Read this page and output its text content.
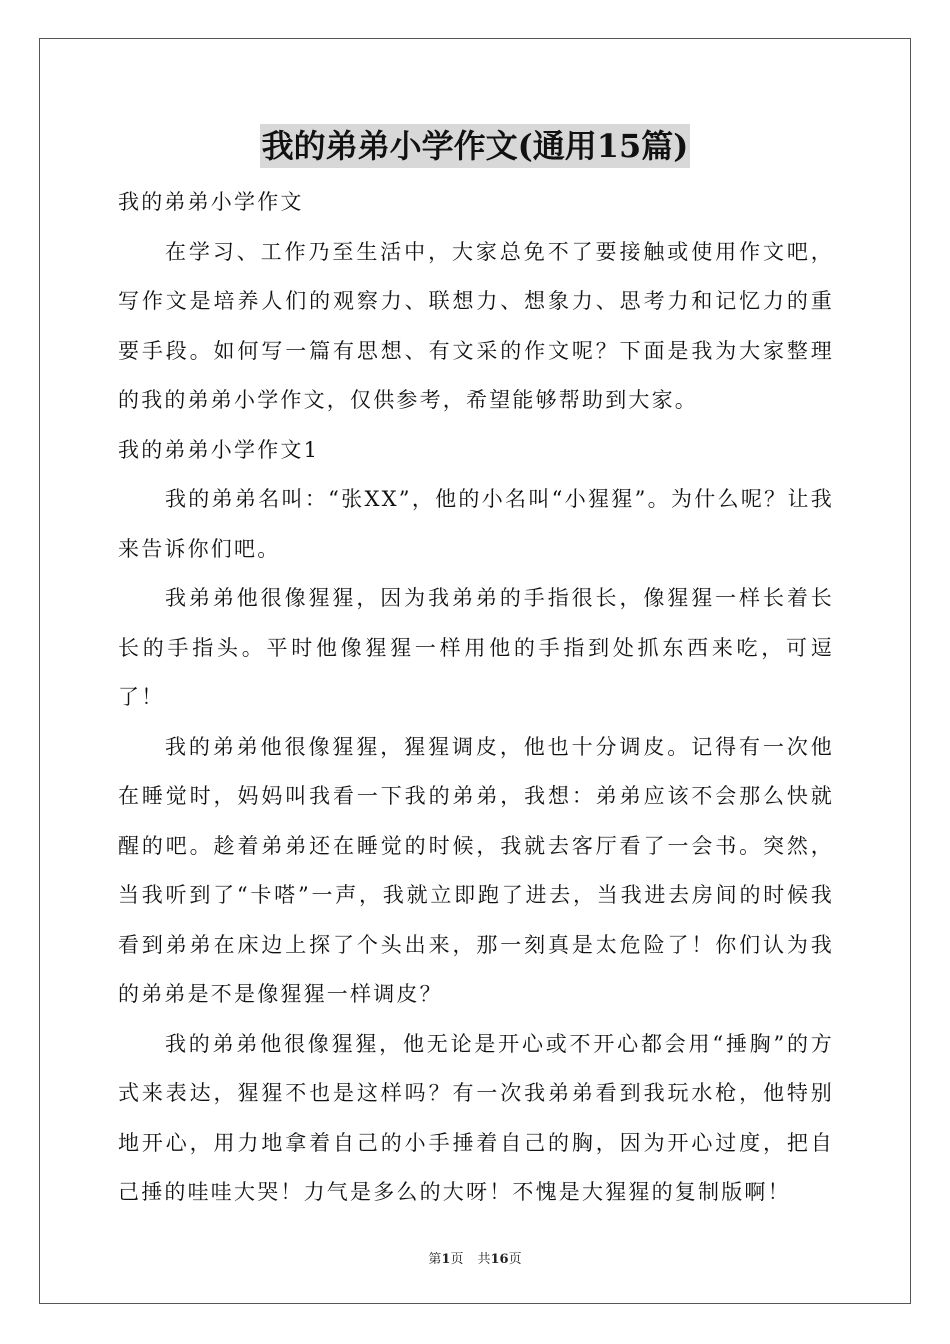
我的弟弟小学作文(通用15篇)

我的弟弟小学作文

在学习、工作乃至生活中，大家总免不了要接触或使用作文吧，写作文是培养人们的观察力、联想力、想象力、思考力和记忆力的重要手段。如何写一篇有思想、有文采的作文呢？下面是我为大家整理的我的弟弟小学作文，仅供参考，希望能够帮助到大家。

我的弟弟小学作文1

我的弟弟名叫：“张XX”，他的小名叫“小猩猩”。为什么呢？让我来告诉你们吧。

我弟弟他很像猩猩，因为我弟弟的手指很长，像猩猩一样长着长长的手指头。平时他像猩猩一样用他的手指到处抓东西来吃，可逗了！

我的弟弟他很像猩猩，猩猩调皮，他也十分调皮。记得有一次他在睡觉时，妈妈叫我看一下我的弟弟，我想：弟弟应该不会那么快就醒的吧。趁着弟弟还在睡觉的时候，我就去客厅看了一会书。突然，当我听到了“卡嗒”一声，我就立即跑了进去，当我进去房间的时候我看到弟弟在床边上探了个头出来，那一刻真是太危险了！你们认为我的弟弟是不是像猩猩一样调皮？

我的弟弟他很像猩猩，他无论是开心或不开心都会用“捶胸”的方式来表达，猩猩不也是这样吗？有一次我弟弟看到我玩水枪，他特别地开心，用力地拿着自己的小手捶着自己的胸，因为开心过度，把自己捶的哇哇大哭！力气是多么的大呀！不愧是大猩猩的复制版啊！

第1页 共16页
